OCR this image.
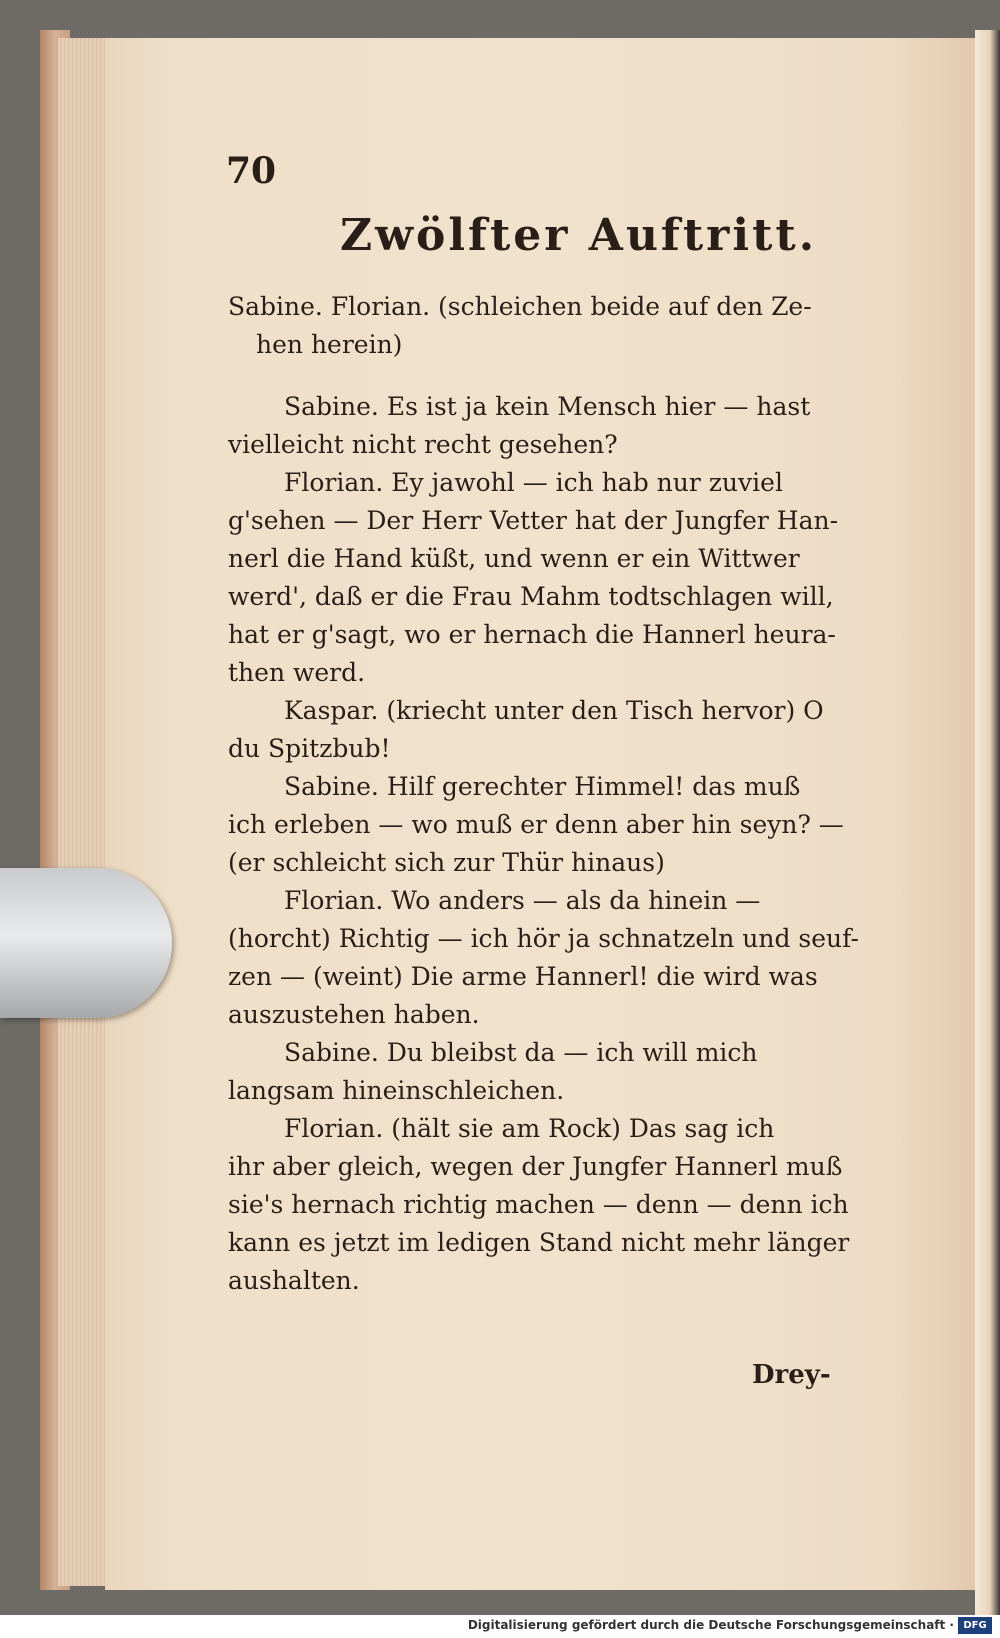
70
Zwölfter Auftritt.
Sabine. Florian. (schleichen beide auf den Ze-
hen herein)
Sabine. Es ist ja kein Mensch hier — hast
vielleicht nicht recht gesehen?
Florian. Ey jawohl — ich hab nur zuviel
g'sehen — Der Herr Vetter hat der Jungfer Han-
nerl die Hand küßt, und wenn er ein Wittwer
werd', daß er die Frau Mahm todtschlagen will,
hat er g'sagt, wo er hernach die Hannerl heura-
then werd.
Kaspar. (kriecht unter den Tisch hervor) O
du Spitzbub!
Sabine. Hilf gerechter Himmel! das muß
ich erleben — wo muß er denn aber hin seyn? —
(er schleicht sich zur Thür hinaus)
Florian. Wo anders — als da hinein —
(horcht) Richtig — ich hör ja schnatzeln und seuf-
zen — (weint) Die arme Hannerl! die wird was
auszustehen haben.
Sabine. Du bleibst da — ich will mich
langsam hineinschleichen.
Florian. (hält sie am Rock) Das sag ich
ihr aber gleich, wegen der Jungfer Hannerl muß
sie's hernach richtig machen — denn — denn ich
kann es jetzt im ledigen Stand nicht mehr länger
aushalten.
Drey-
Digitalisierung gefördert durch die Deutsche Forschungsgemeinschaft · DFG
